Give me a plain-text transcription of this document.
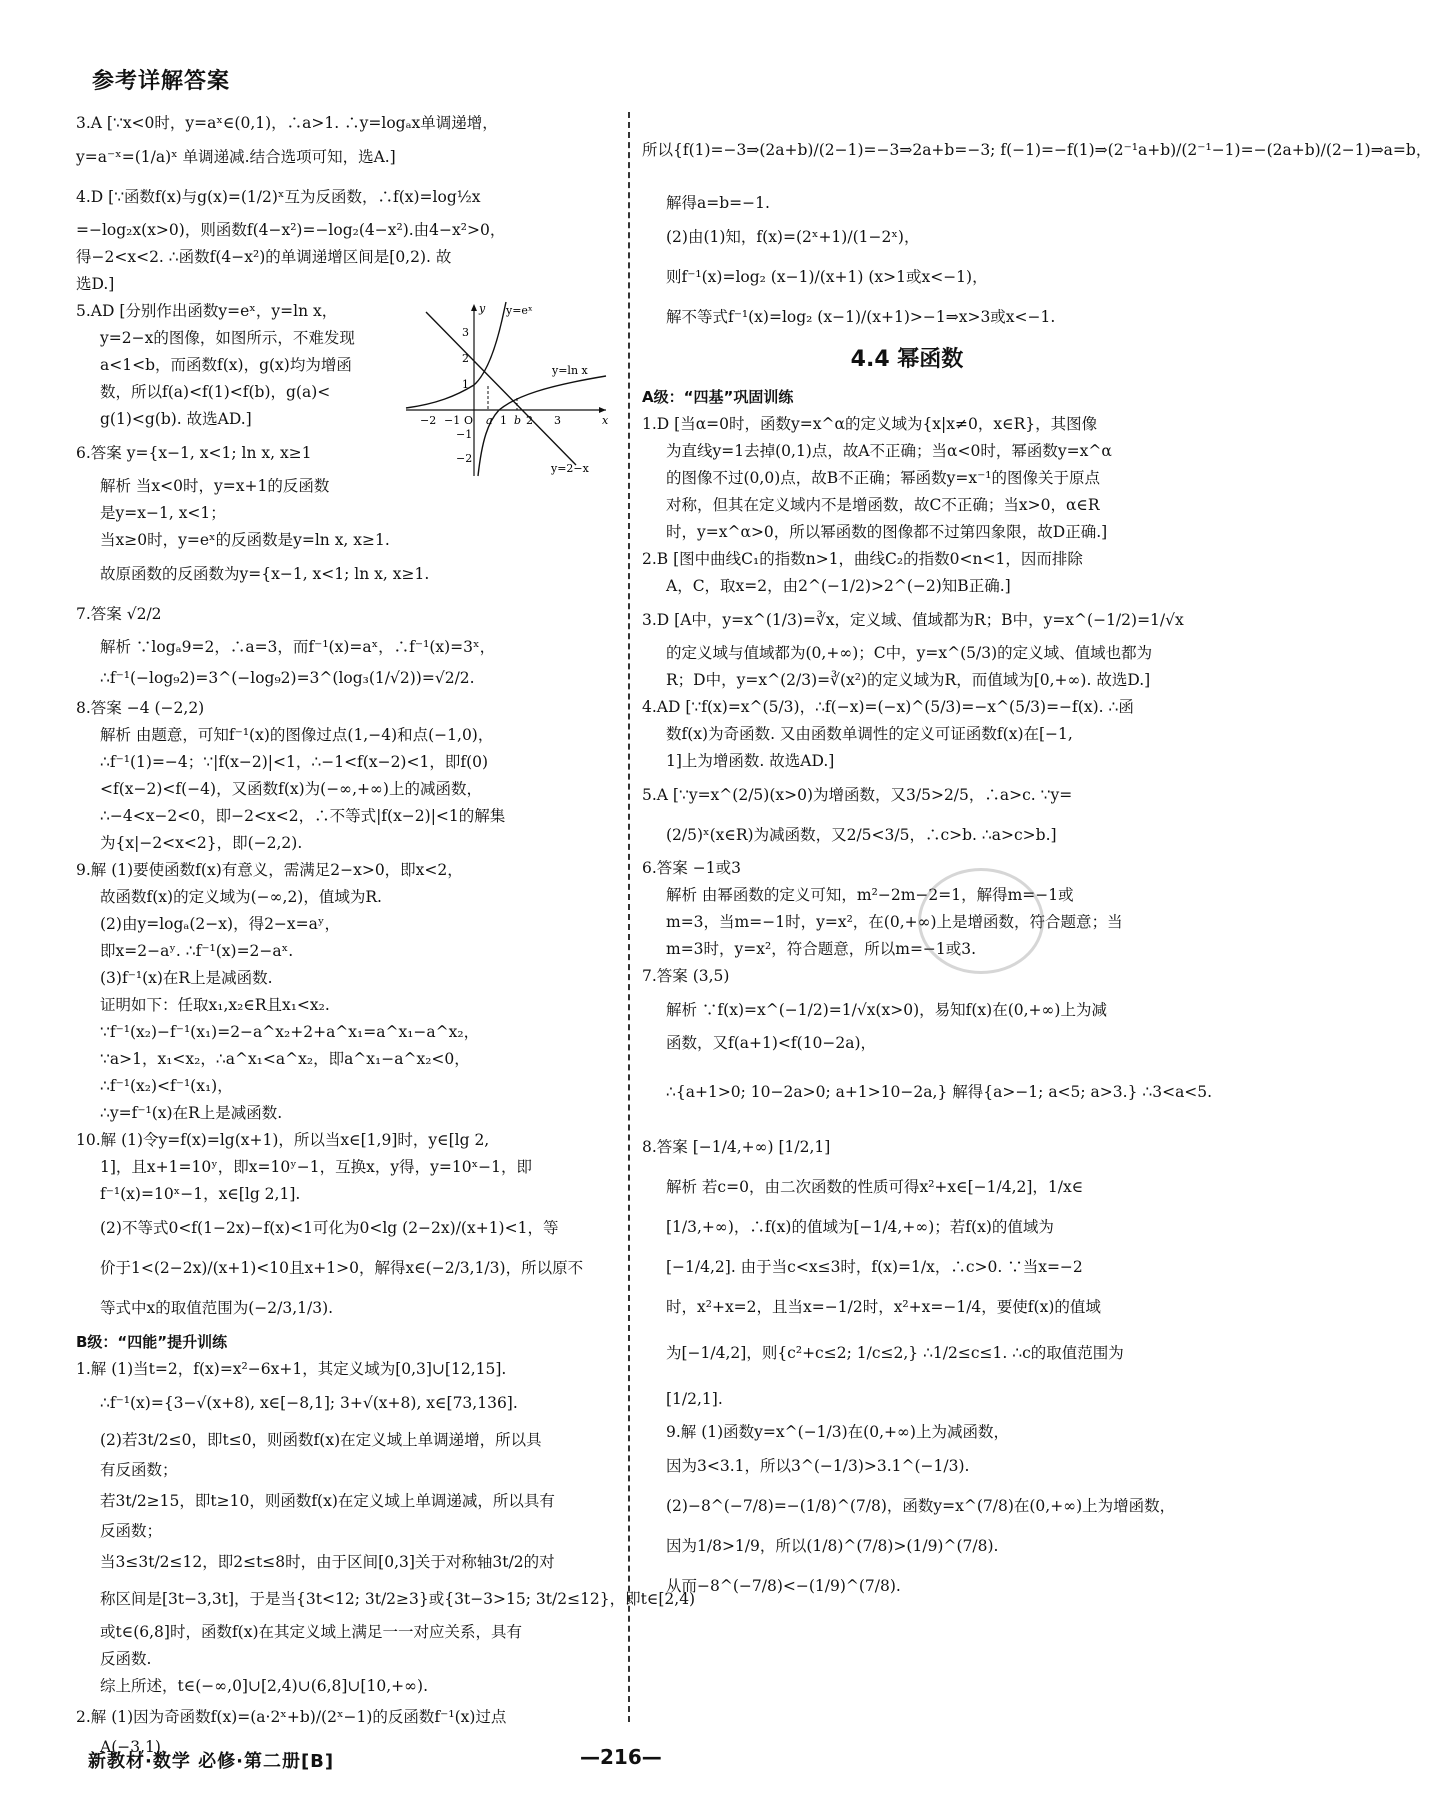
参考详解答案
3.A [∵x<0时，y=aˣ∈(0,1)，∴a>1. ∴y=logₐx单调递增，
y=a⁻ˣ=(1/a)ˣ 单调递减.结合选项可知，选A.]
4.D [∵函数f(x)与g(x)=(1/2)ˣ互为反函数，∴f(x)=log½x
=−log₂x(x>0)，则函数f(4−x²)=−log₂(4−x²).由4−x²>0，
得−2<x<2. ∴函数f(4−x²)的单调递增区间是[0,2). 故
选D.]
5.AD [分别作出函数y=eˣ，y=ln x，
y=2−x的图像，如图所示，不难发现
a<1<b，而函数f(x)，g(x)均为增函
数，所以f(a)<f(1)<f(b)，g(a)<
g(1)<g(b). 故选AD.]
6.答案 y={x−1, x<1; ln x, x≥1
解析 当x<0时，y=x+1的反函数
是y=x−1, x<1；
当x≥0时，y=eˣ的反函数是y=ln x, x≥1.
故原函数的反函数为y={x−1, x<1; ln x, x≥1.
7.答案 √2/2
解析 ∵logₐ9=2，∴a=3，而f⁻¹(x)=aˣ，∴f⁻¹(x)=3ˣ，
∴f⁻¹(−log₉2)=3^(−log₉2)=3^(log₃(1/√2))=√2/2.
8.答案 −4 (−2,2)
解析 由题意，可知f⁻¹(x)的图像过点(1,−4)和点(−1,0)，
∴f⁻¹(1)=−4；∵|f(x−2)|<1，∴−1<f(x−2)<1，即f(0)
<f(x−2)<f(−4)，又函数f(x)为(−∞,+∞)上的减函数，
∴−4<x−2<0，即−2<x<2，∴不等式|f(x−2)|<1的解集
为{x|−2<x<2}，即(−2,2).
9.解 (1)要使函数f(x)有意义，需满足2−x>0，即x<2，
故函数f(x)的定义域为(−∞,2)，值域为R.
(2)由y=logₐ(2−x)，得2−x=aʸ，
即x=2−aʸ. ∴f⁻¹(x)=2−aˣ.
(3)f⁻¹(x)在R上是减函数.
证明如下：任取x₁,x₂∈R且x₁<x₂.
∵f⁻¹(x₂)−f⁻¹(x₁)=2−a^x₂+2+a^x₁=a^x₁−a^x₂，
∵a>1，x₁<x₂，∴a^x₁<a^x₂，即a^x₁−a^x₂<0，
∴f⁻¹(x₂)<f⁻¹(x₁)，
∴y=f⁻¹(x)在R上是减函数.
10.解 (1)令y=f(x)=lg(x+1)，所以当x∈[1,9]时，y∈[lg 2,
1]，且x+1=10ʸ，即x=10ʸ−1，互换x，y得，y=10ˣ−1，即
f⁻¹(x)=10ˣ−1，x∈[lg 2,1].
(2)不等式0<f(1−2x)−f(x)<1可化为0<lg (2−2x)/(x+1)<1，等
价于1<(2−2x)/(x+1)<10且x+1>0，解得x∈(−2/3,1/3)，所以原不
等式中x的取值范围为(−2/3,1/3).
B级：“四能”提升训练
1.解 (1)当t=2，f(x)=x²−6x+1，其定义域为[0,3]∪[12,15].
∴f⁻¹(x)={3−√(x+8), x∈[−8,1]; 3+√(x+8), x∈[73,136].
(2)若3t/2≤0，即t≤0，则函数f(x)在定义域上单调递增，所以具
有反函数；
若3t/2≥15，即t≥10，则函数f(x)在定义域上单调递减，所以具有
反函数；
当3≤3t/2≤12，即2≤t≤8时，由于区间[0,3]关于对称轴3t/2的对
称区间是[3t−3,3t]，于是当{3t<12; 3t/2≥3}或{3t−3>15; 3t/2≤12}，即t∈[2,4)
或t∈(6,8]时，函数f(x)在其定义域上满足一一对应关系，具有
反函数.
综上所述，t∈(−∞,0]∪[2,4)∪(6,8]∪[10,+∞).
2.解 (1)因为奇函数f(x)=(a·2ˣ+b)/(2ˣ−1)的反函数f⁻¹(x)过点
A(−3,1)，
y=eˣ
y=ln x
y=2−x
x
y
−2 −1 O a 1 b 2 3
3
2
1
−1
−2
所以{f(1)=−3⇒(2a+b)/(2−1)=−3⇒2a+b=−3; f(−1)=−f(1)⇒(2⁻¹a+b)/(2⁻¹−1)=−(2a+b)/(2−1)⇒a=b，
解得a=b=−1.
(2)由(1)知，f(x)=(2ˣ+1)/(1−2ˣ)，
则f⁻¹(x)=log₂ (x−1)/(x+1) (x>1或x<−1)，
解不等式f⁻¹(x)=log₂ (x−1)/(x+1)>−1⇒x>3或x<−1.
4.4 幂函数
A级：“四基”巩固训练
1.D [当α=0时，函数y=x^α的定义域为{x|x≠0，x∈R}，其图像
为直线y=1去掉(0,1)点，故A不正确；当α<0时，幂函数y=x^α
的图像不过(0,0)点，故B不正确；幂函数y=x⁻¹的图像关于原点
对称，但其在定义域内不是增函数，故C不正确；当x>0，α∈R
时，y=x^α>0，所以幂函数的图像都不过第四象限，故D正确.]
2.B [图中曲线C₁的指数n>1，曲线C₂的指数0<n<1，因而排除
A，C，取x=2，由2^(−1/2)>2^(−2)知B正确.]
3.D [A中，y=x^(1/3)=∛x，定义域、值域都为R；B中，y=x^(−1/2)=1/√x
的定义域与值域都为(0,+∞)；C中，y=x^(5/3)的定义域、值域也都为
R；D中，y=x^(2/3)=∛(x²)的定义域为R，而值域为[0,+∞). 故选D.]
4.AD [∵f(x)=x^(5/3)，∴f(−x)=(−x)^(5/3)=−x^(5/3)=−f(x). ∴函
数f(x)为奇函数. 又由函数单调性的定义可证函数f(x)在[−1,
1]上为增函数. 故选AD.]
5.A [∵y=x^(2/5)(x>0)为增函数，又3/5>2/5，∴a>c. ∵y=
(2/5)ˣ(x∈R)为减函数，又2/5<3/5，∴c>b. ∴a>c>b.]
6.答案 −1或3
解析 由幂函数的定义可知，m²−2m−2=1，解得m=−1或
m=3，当m=−1时，y=x²，在(0,+∞)上是增函数，符合题意；当
m=3时，y=x²，符合题意，所以m=−1或3.
7.答案 (3,5)
解析 ∵f(x)=x^(−1/2)=1/√x(x>0)，易知f(x)在(0,+∞)上为减
函数，又f(a+1)<f(10−2a)，
∴{a+1>0; 10−2a>0; a+1>10−2a,} 解得{a>−1; a<5; a>3.} ∴3<a<5.
8.答案 [−1/4,+∞) [1/2,1]
解析 若c=0，由二次函数的性质可得x²+x∈[−1/4,2]，1/x∈
[1/3,+∞)，∴f(x)的值域为[−1/4,+∞)；若f(x)的值域为
[−1/4,2]. 由于当c<x≤3时，f(x)=1/x，∴c>0. ∵当x=−2
时，x²+x=2，且当x=−1/2时，x²+x=−1/4，要使f(x)的值域
为[−1/4,2]，则{c²+c≤2; 1/c≤2,} ∴1/2≤c≤1. ∴c的取值范围为
[1/2,1].
9.解 (1)函数y=x^(−1/3)在(0,+∞)上为减函数，
因为3<3.1，所以3^(−1/3)>3.1^(−1/3).
(2)−8^(−7/8)=−(1/8)^(7/8)，函数y=x^(7/8)在(0,+∞)上为增函数，
因为1/8>1/9，所以(1/8)^(7/8)>(1/9)^(7/8).
从而−8^(−7/8)<−(1/9)^(7/8).
新教材·数学 必修·第二册[B]	—216—
